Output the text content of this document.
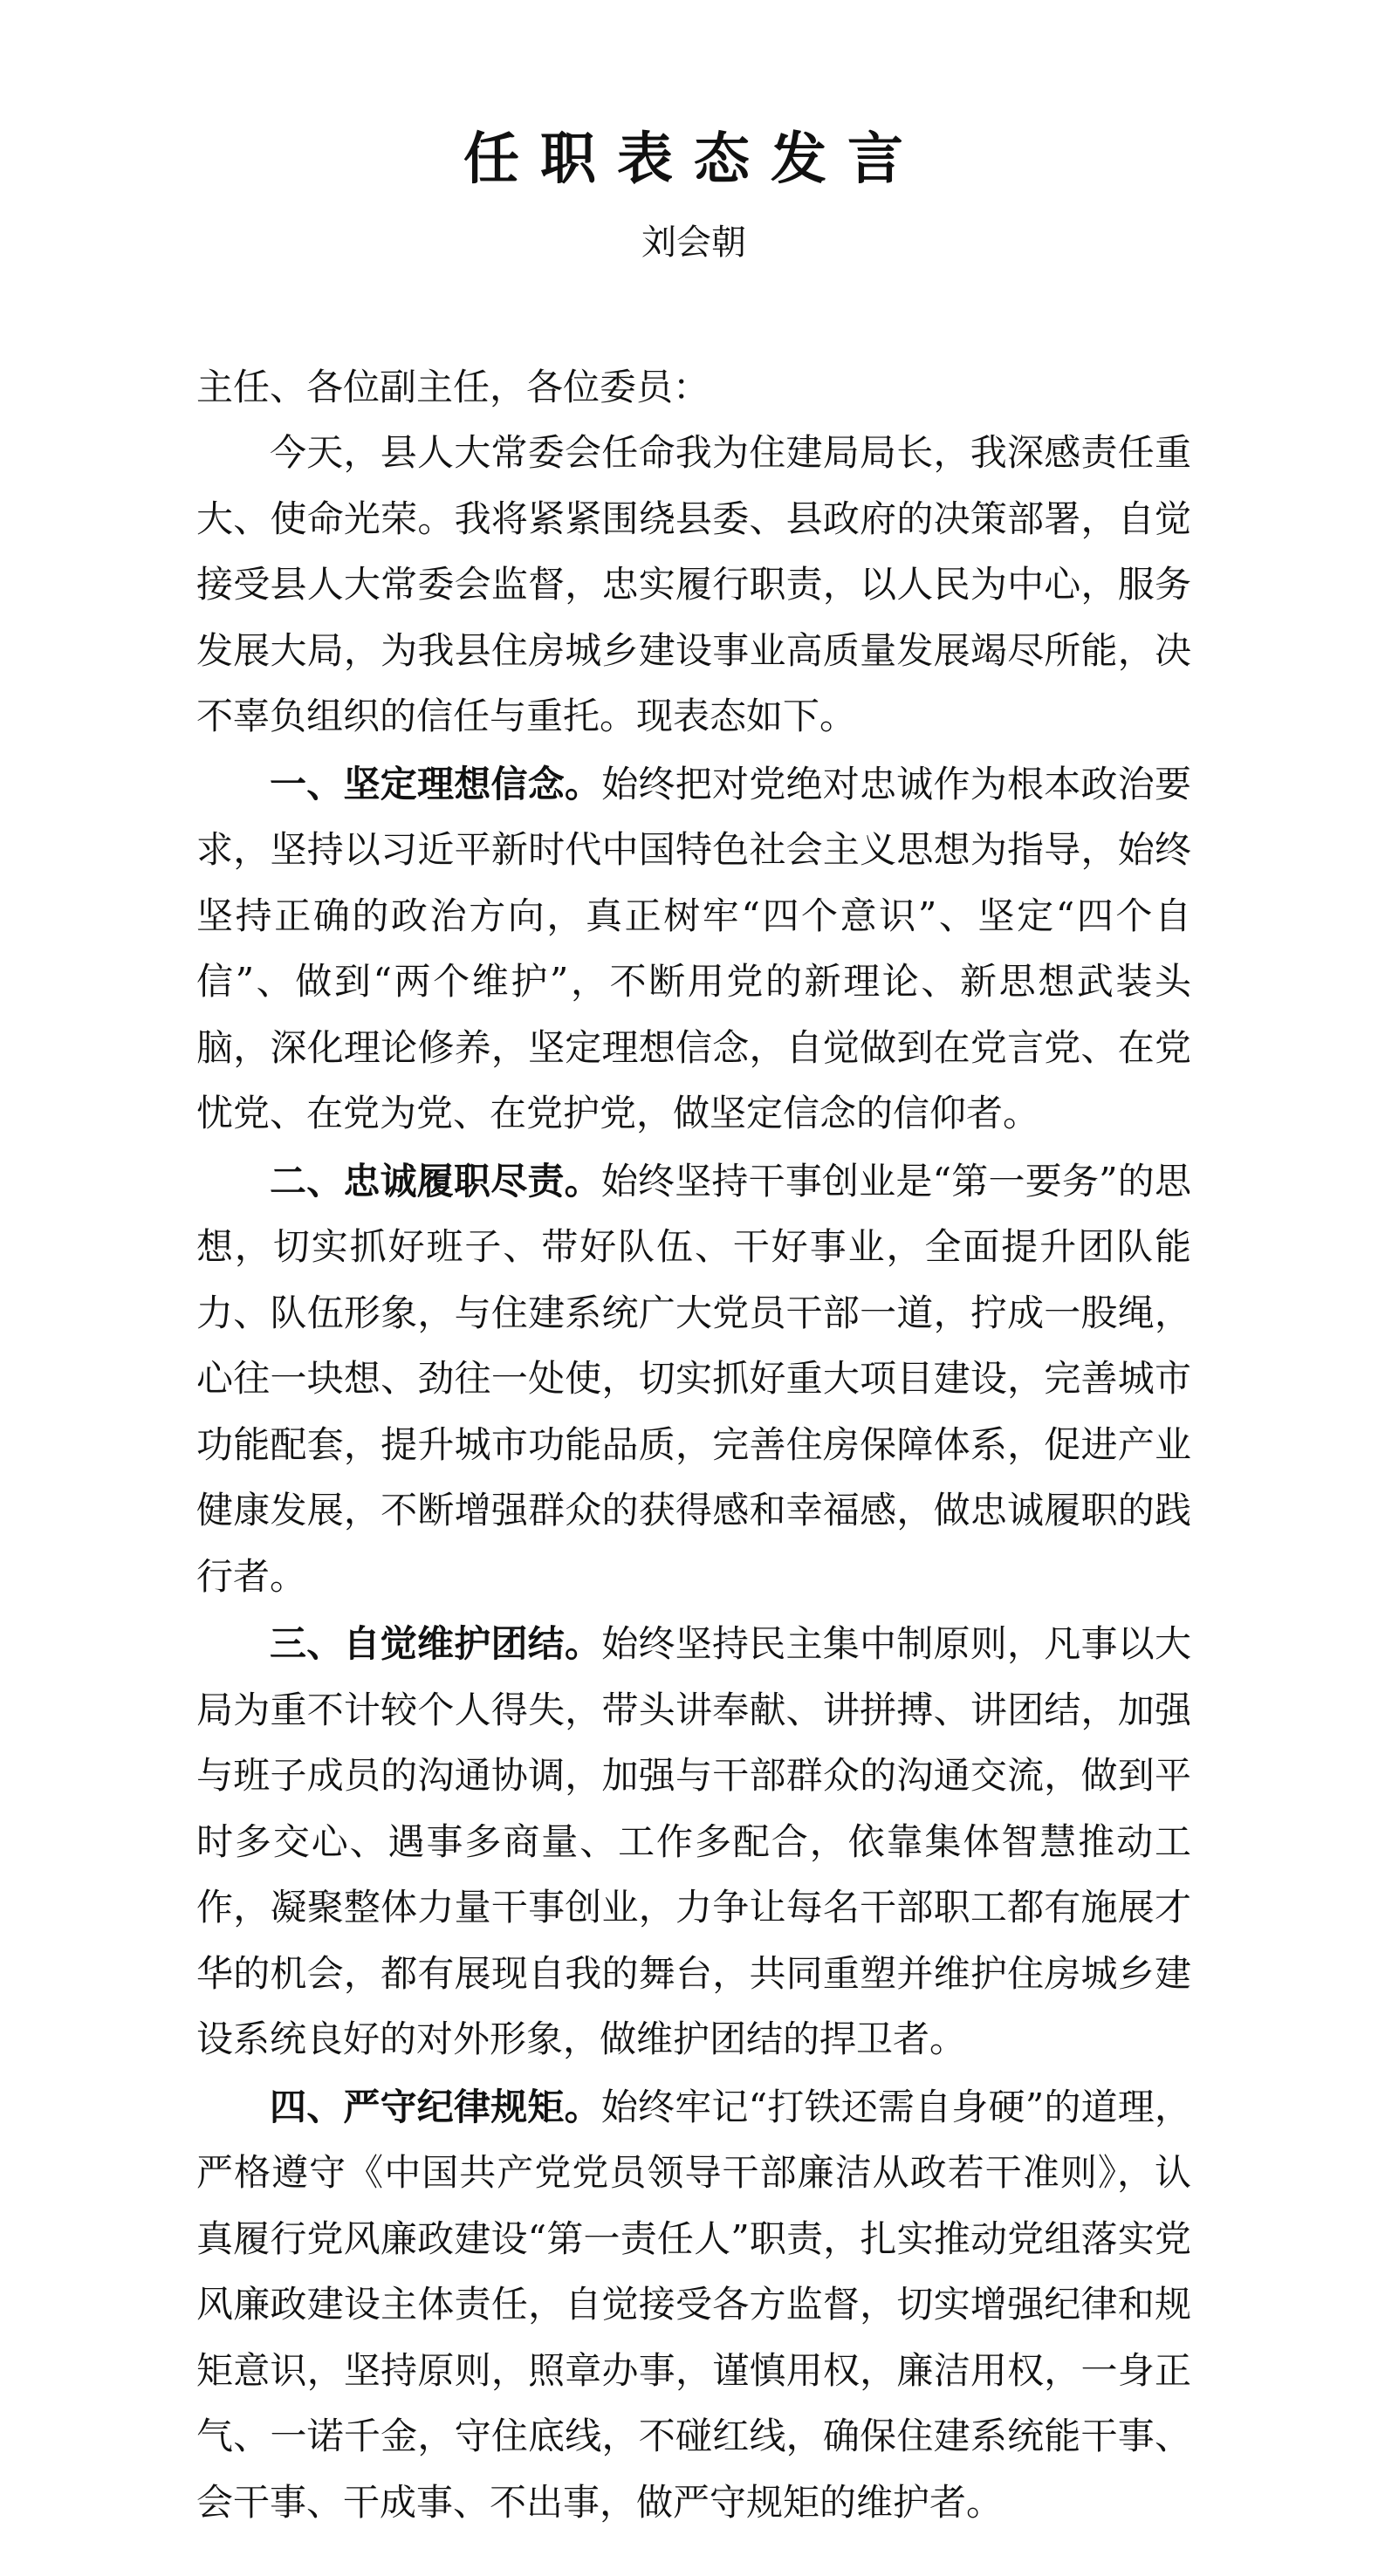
任职表态发言
刘会朝

主任、各位副主任，各位委员：

今天，县人大常委会任命我为住建局局长，我深感责任重大、使命光荣。我将紧紧围绕县委、县政府的决策部署，自觉接受县人大常委会监督，忠实履行职责，以人民为中心，服务发展大局，为我县住房城乡建设事业高质量发展竭尽所能，决不辜负组织的信任与重托。现表态如下。

一、坚定理想信念。始终把对党绝对忠诚作为根本政治要求，坚持以习近平新时代中国特色社会主义思想为指导，始终坚持正确的政治方向，真正树牢“四个意识”、坚定“四个自信”、做到“两个维护”，不断用党的新理论、新思想武装头脑，深化理论修养，坚定理想信念，自觉做到在党言党、在党忧党、在党为党、在党护党，做坚定信念的信仰者。

二、忠诚履职尽责。始终坚持干事创业是“第一要务”的思想，切实抓好班子、带好队伍、干好事业，全面提升团队能力、队伍形象，与住建系统广大党员干部一道，拧成一股绳，心往一块想、劲往一处使，切实抓好重大项目建设，完善城市功能配套，提升城市功能品质，完善住房保障体系，促进产业健康发展，不断增强群众的获得感和幸福感，做忠诚履职的践行者。

三、自觉维护团结。始终坚持民主集中制原则，凡事以大局为重不计较个人得失，带头讲奉献、讲拼搏、讲团结，加强与班子成员的沟通协调，加强与干部群众的沟通交流，做到平时多交心、遇事多商量、工作多配合，依靠集体智慧推动工作，凝聚整体力量干事创业，力争让每名干部职工都有施展才华的机会，都有展现自我的舞台，共同重塑并维护住房城乡建设系统良好的对外形象，做维护团结的捍卫者。

四、严守纪律规矩。始终牢记“打铁还需自身硬”的道理，严格遵守《中国共产党党员领导干部廉洁从政若干准则》，认真履行党风廉政建设“第一责任人”职责，扎实推动党组落实党风廉政建设主体责任，自觉接受各方监督，切实增强纪律和规矩意识，坚持原则，照章办事，谨慎用权，廉洁用权，一身正气、一诺千金，守住底线，不碰红线，确保住建系统能干事、会干事、干成事、不出事，做严守规矩的维护者。
